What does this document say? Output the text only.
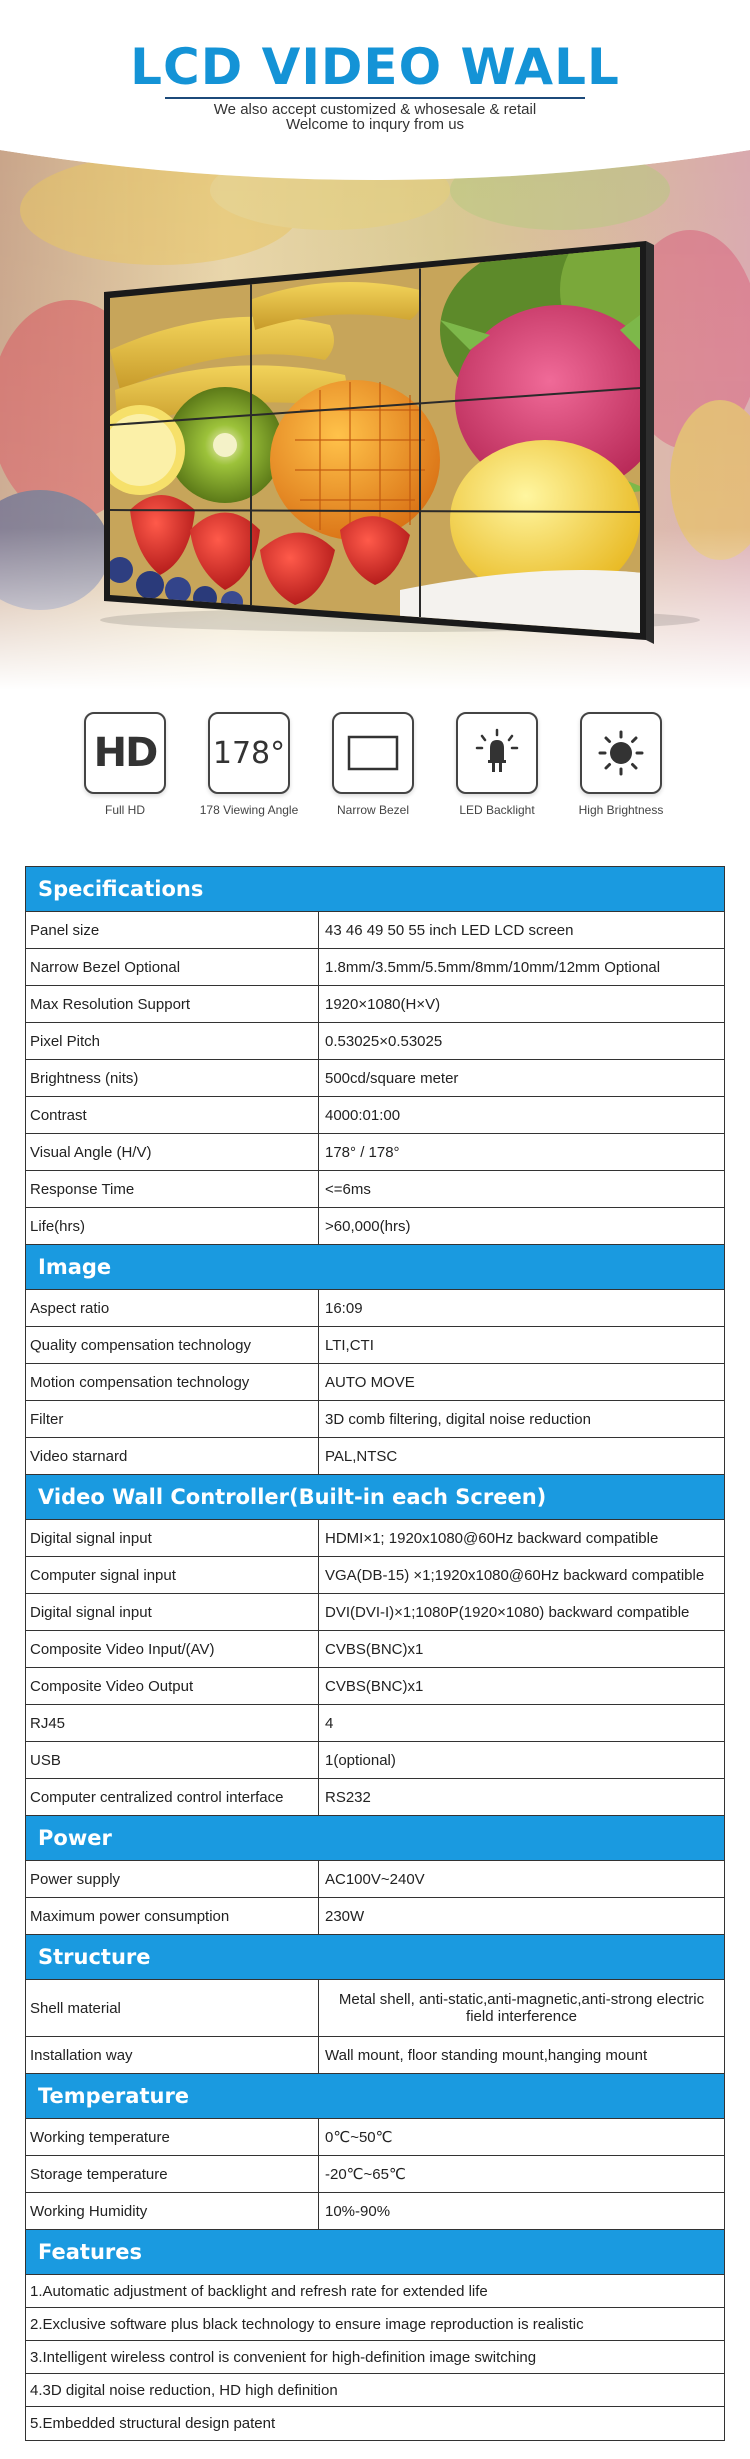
LCD VIDEO WALL
We also accept customized & whosesale & retail
Welcome to inqury from us
HD
Full HD
178°
178 Viewing Angle	Narrow Bezel	LED Backlight	High Brightness
Specifications
Panel size	43 46 49 50 55 inch LED LCD screen
Narrow Bezel Optional	1.8mm/3.5mm/5.5mm/8mm/10mm/12mm Optional
Max Resolution Support	1920×1080(H×V)
Pixel Pitch	0.53025×0.53025
Brightness (nits)	500cd/square meter
Contrast	4000:01:00
Visual Angle (H/V)	178° / 178°
Response Time	<=6ms
Life(hrs)	>60,000(hrs)
Image
Aspect ratio	16:09
Quality compensation technology	LTI,CTI
Motion compensation technology	AUTO MOVE
Filter	3D comb filtering, digital noise reduction
Video starnard	PAL,NTSC
Video Wall Controller(Built-in each Screen)
Digital signal input	HDMI×1; 1920x1080@60Hz backward compatible
Computer signal input	VGA(DB-15) ×1;1920x1080@60Hz backward compatible
Digital signal input	DVI(DVI-I)×1;1080P(1920×1080) backward compatible
Composite Video Input/(AV)	CVBS(BNC)x1
Composite Video Output	CVBS(BNC)x1
RJ45	4
USB	1(optional)
Computer centralized control interface	RS232
Power
Power supply	AC100V~240V
Maximum power consumption	230W
Structure
Shell material	Metal shell, anti-static,anti-magnetic,anti-strong electric field interference
Installation way	Wall mount, floor standing mount,hanging mount
Temperature
Working temperature	0℃~50℃
Storage temperature	-20℃~65℃
Working Humidity	10%-90%
Features
1.Automatic adjustment of backlight and refresh rate for extended life
2.Exclusive software plus black technology to ensure image reproduction is realistic
3.Intelligent wireless control is convenient for high-definition image switching
4.3D digital noise reduction, HD high definition
5.Embedded structural design patent
